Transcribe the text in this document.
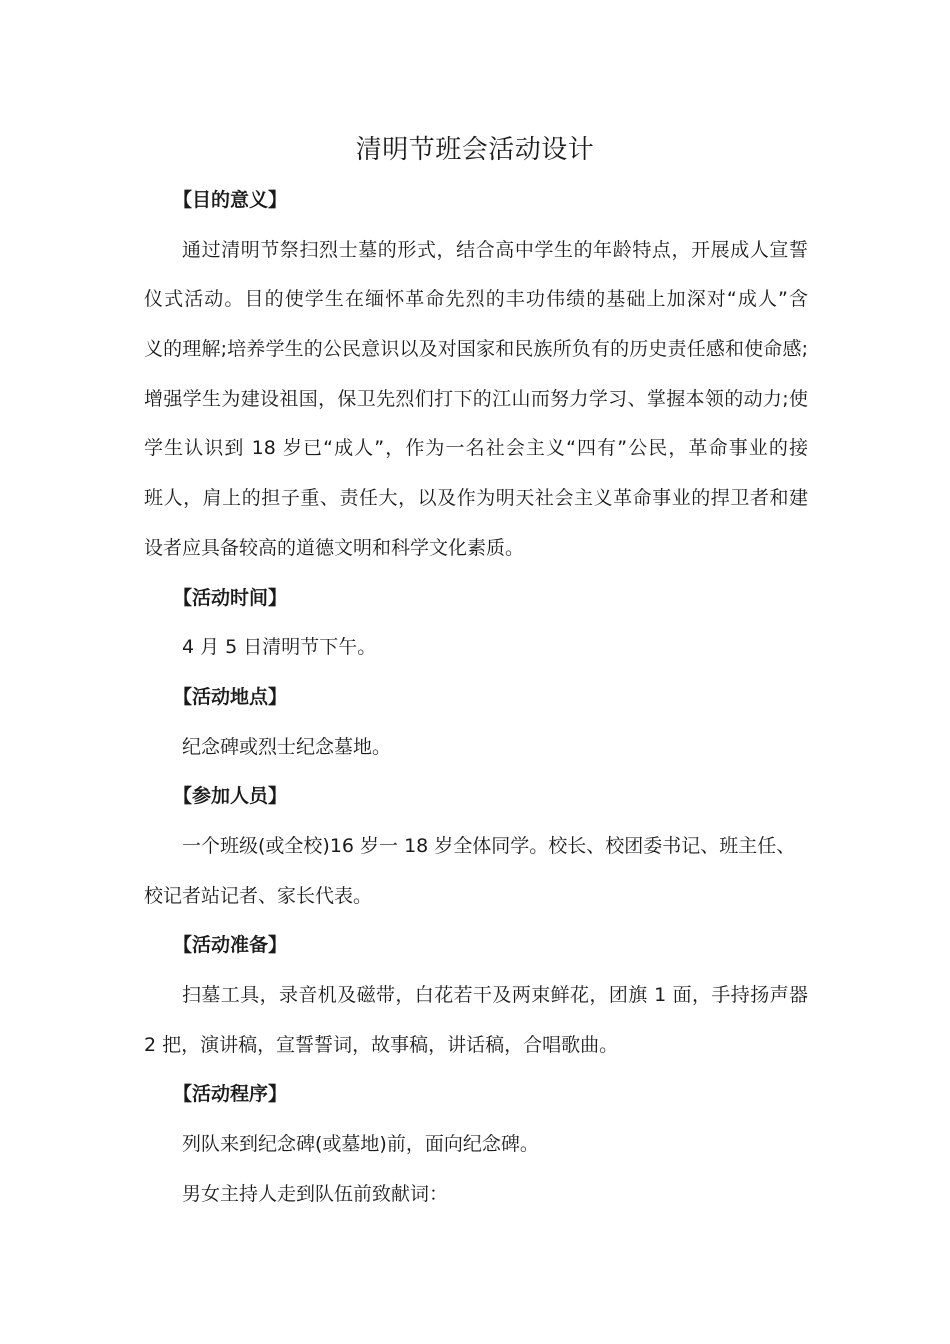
清明节班会活动设计
【目的意义】
通过清明节祭扫烈士墓的形式，结合高中学生的年龄特点，开展成人宣誓
仪式活动。目的使学生在缅怀革命先烈的丰功伟绩的基础上加深对“成人”含
义的理解;培养学生的公民意识以及对国家和民族所负有的历史责任感和使命感;
增强学生为建设祖国，保卫先烈们打下的江山而努力学习、掌握本领的动力;使
学生认识到 18 岁已“成人”，作为一名社会主义“四有”公民，革命事业的接
班人，肩上的担子重、责任大，以及作为明天社会主义革命事业的捍卫者和建
设者应具备较高的道德文明和科学文化素质。
【活动时间】
4 月 5 日清明节下午。
【活动地点】
纪念碑或烈士纪念墓地。
【参加人员】
一个班级(或全校)16 岁一 18 岁全体同学。校长、校团委书记、班主任、
校记者站记者、家长代表。
【活动准备】
扫墓工具，录音机及磁带，白花若干及两束鲜花，团旗 1 面，手持扬声器
2 把，演讲稿，宣誓誓词，故事稿，讲话稿，合唱歌曲。
【活动程序】
列队来到纪念碑(或墓地)前，面向纪念碑。
男女主持人走到队伍前致献词：
